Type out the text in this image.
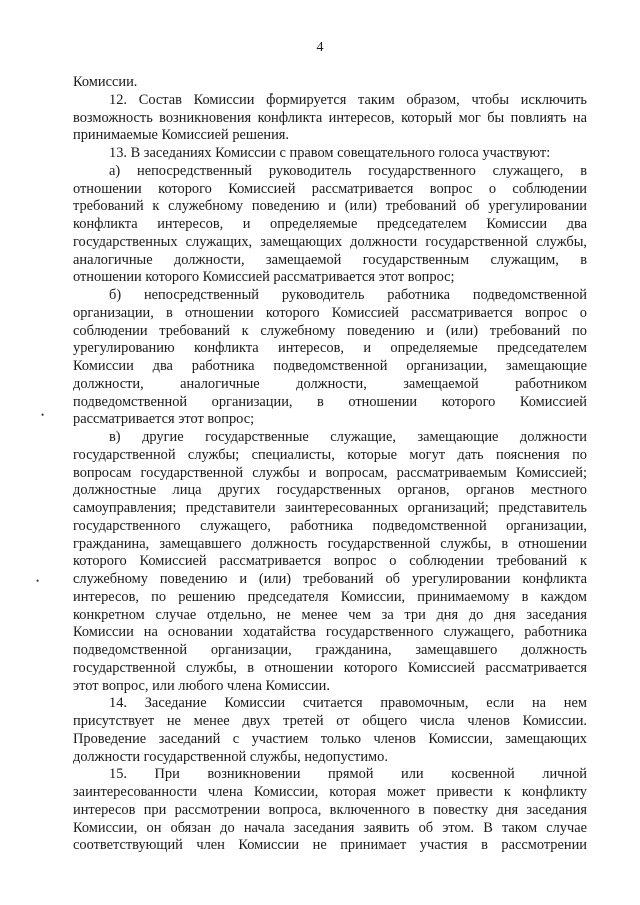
4
•
•
Комиссии.
12. Состав Комиссии формируется таким образом, чтобы исключить
возможность возникновения конфликта интересов, который мог бы повлиять на
принимаемые Комиссией решения.
13. В заседаниях Комиссии с правом совещательного голоса участвуют:
а) непосредственный руководитель государственного служащего, в
отношении которого Комиссией рассматривается вопрос о соблюдении
требований к служебному поведению и (или) требований об урегулировании
конфликта интересов, и определяемые председателем Комиссии два
государственных служащих, замещающих должности государственной службы,
аналогичные должности, замещаемой государственным служащим, в
отношении которого Комиссией рассматривается этот вопрос;
б) непосредственный руководитель работника подведомственной
организации, в отношении которого Комиссией рассматривается вопрос о
соблюдении требований к служебному поведению и (или) требований по
урегулированию конфликта интересов, и определяемые председателем
Комиссии два работника подведомственной организации, замещающие
должности, аналогичные должности, замещаемой работником
подведомственной организации, в отношении которого Комиссией
рассматривается этот вопрос;
в) другие государственные служащие, замещающие должности
государственной службы; специалисты, которые могут дать пояснения по
вопросам государственной службы и вопросам, рассматриваемым Комиссией;
должностные лица других государственных органов, органов местного
самоуправления; представители заинтересованных организаций; представитель
государственного служащего, работника подведомственной организации,
гражданина, замещавшего должность государственной службы, в отношении
которого Комиссией рассматривается вопрос о соблюдении требований к
служебному поведению и (или) требований об урегулировании конфликта
интересов, по решению председателя Комиссии, принимаемому в каждом
конкретном случае отдельно, не менее чем за три дня до дня заседания
Комиссии на основании ходатайства государственного служащего, работника
подведомственной организации, гражданина, замещавшего должность
государственной службы, в отношении которого Комиссией рассматривается
этот вопрос, или любого члена Комиссии.
14. Заседание Комиссии считается правомочным, если на нем
присутствует не менее двух третей от общего числа членов Комиссии.
Проведение заседаний с участием только членов Комиссии, замещающих
должности государственной службы, недопустимо.
15. При возникновении прямой или косвенной личной
заинтересованности члена Комиссии, которая может привести к конфликту
интересов при рассмотрении вопроса, включенного в повестку дня заседания
Комиссии, он обязан до начала заседания заявить об этом. В таком случае
соответствующий член Комиссии не принимает участия в рассмотрении
